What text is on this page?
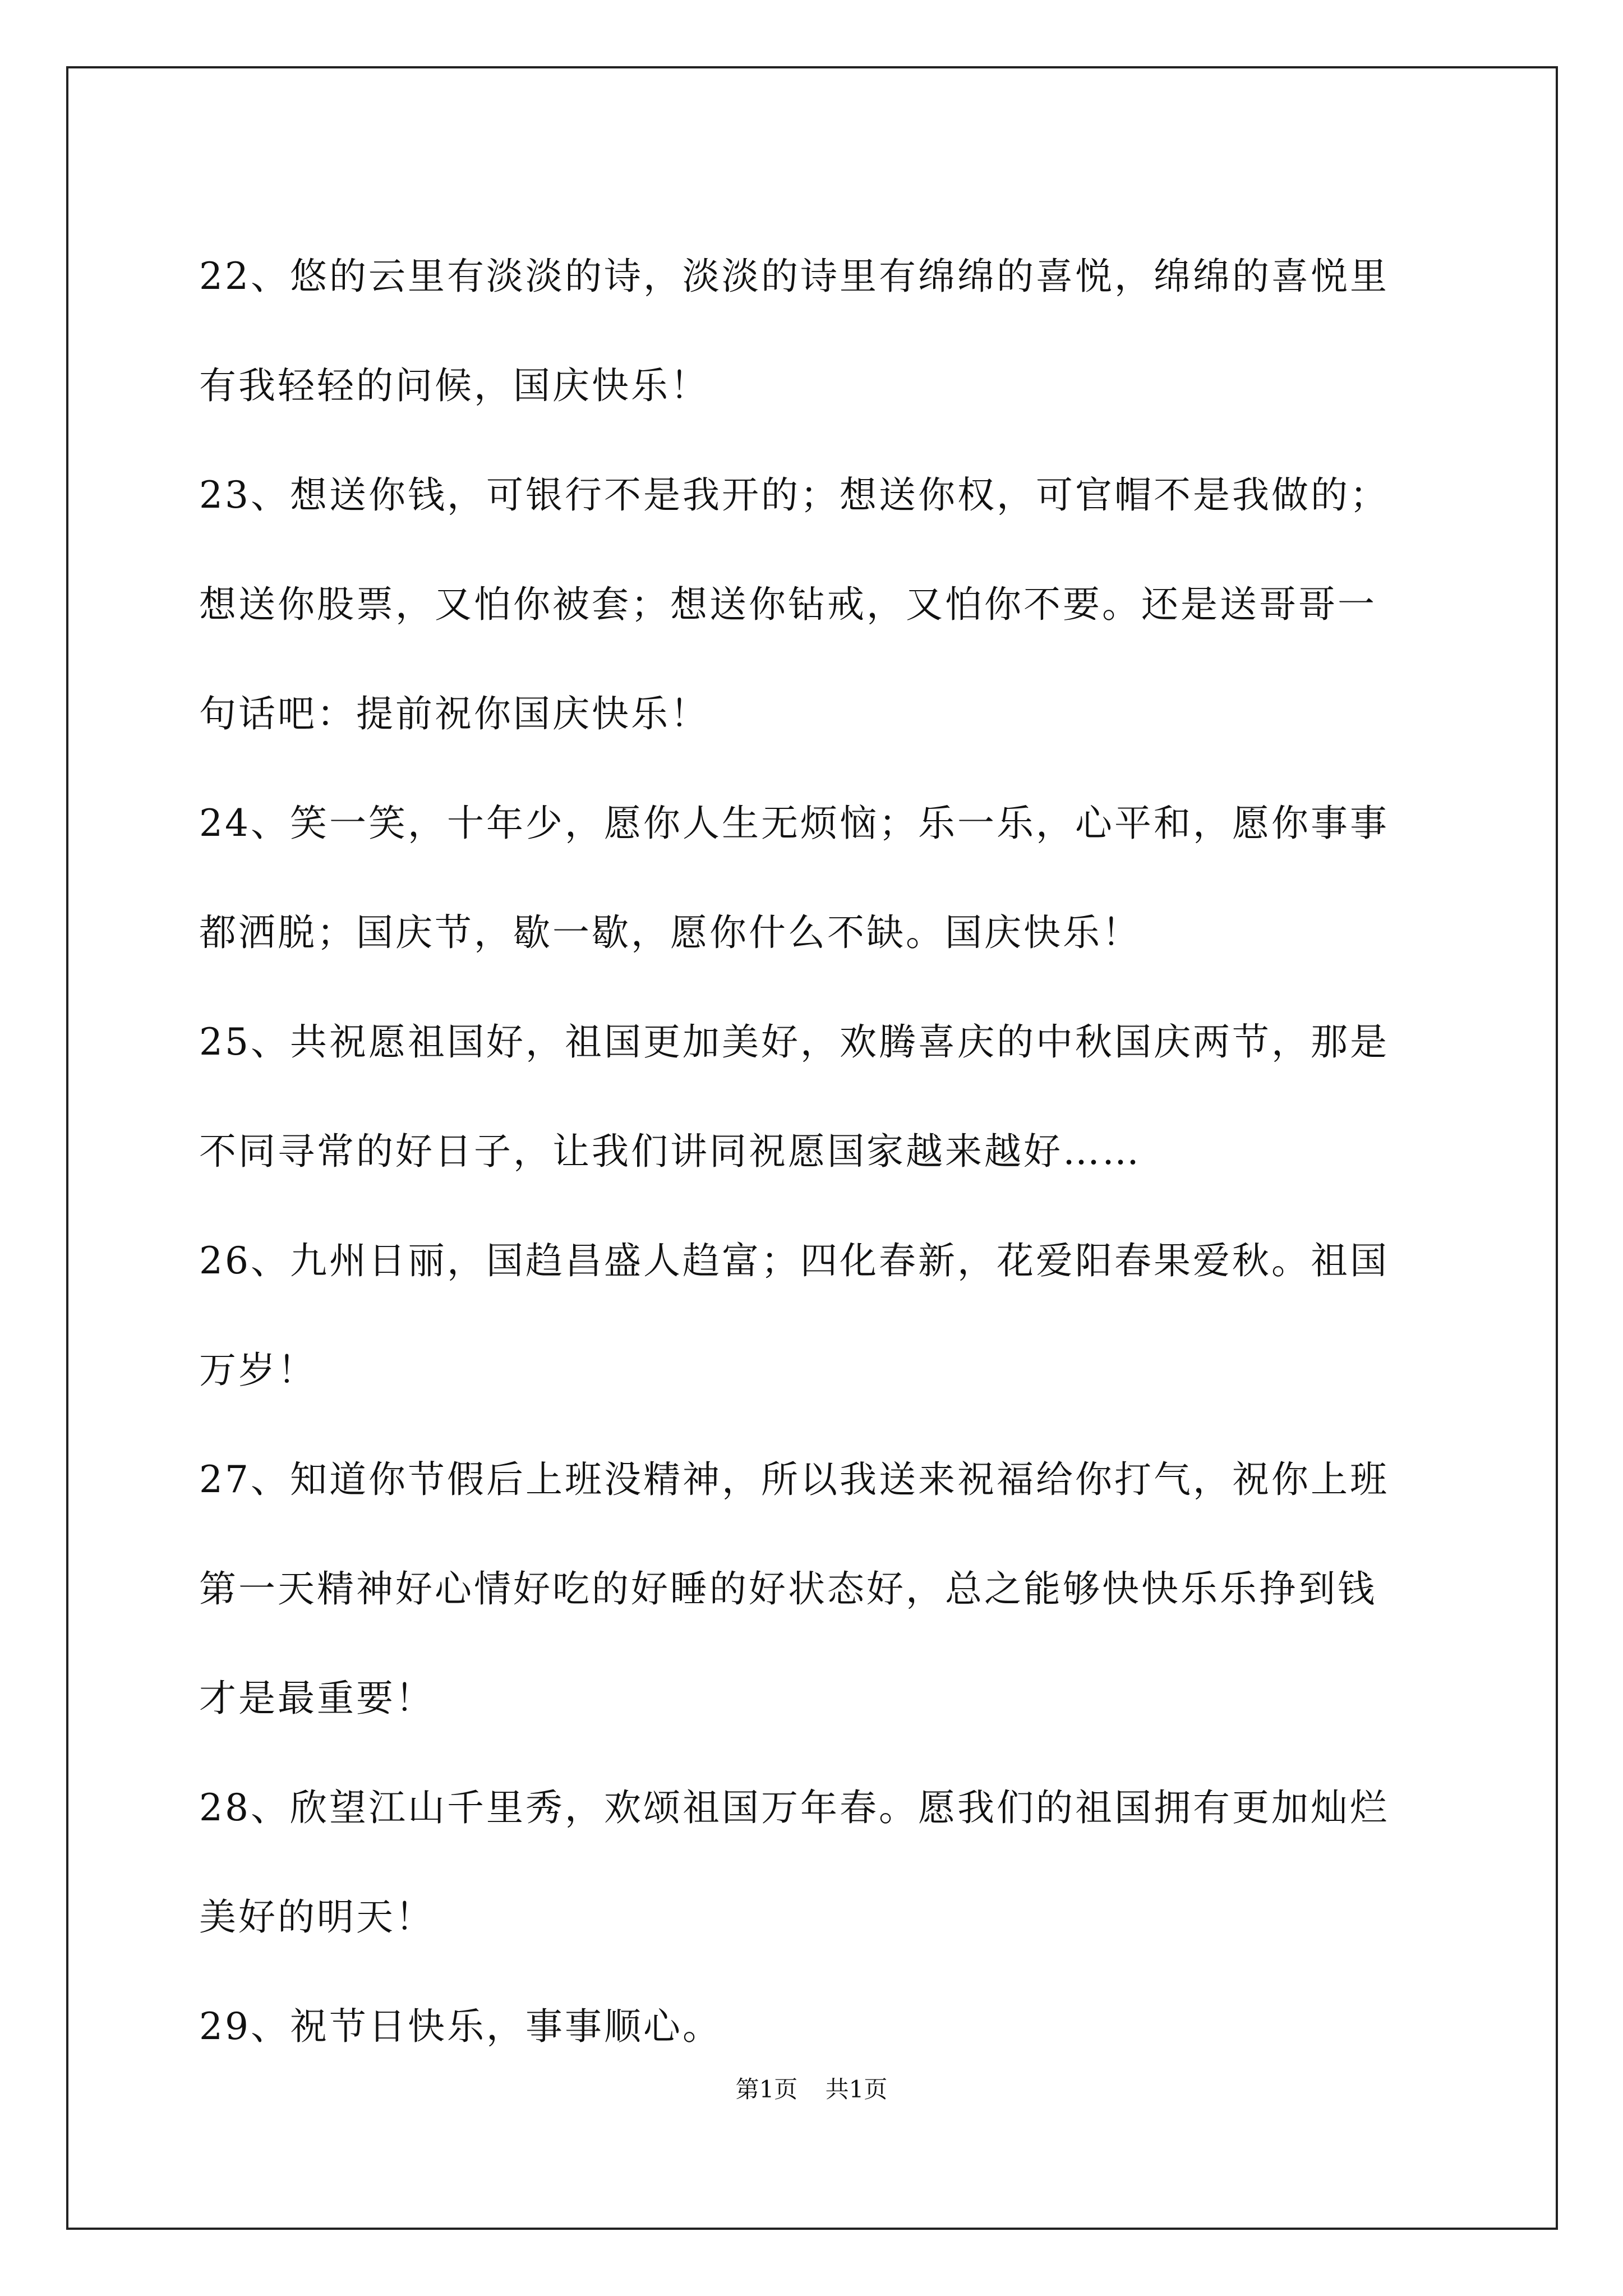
22、悠的云里有淡淡的诗，淡淡的诗里有绵绵的喜悦，绵绵的喜悦里
有我轻轻的问候，国庆快乐！
23、想送你钱，可银行不是我开的；想送你权，可官帽不是我做的；
想送你股票，又怕你被套；想送你钻戒，又怕你不要。还是送哥哥一
句话吧：提前祝你国庆快乐！
24、笑一笑，十年少，愿你人生无烦恼；乐一乐，心平和，愿你事事
都洒脱；国庆节，歇一歇，愿你什么不缺。国庆快乐！
25、共祝愿祖国好，祖国更加美好，欢腾喜庆的中秋国庆两节，那是
不同寻常的好日子，让我们讲同祝愿国家越来越好……
26、九州日丽，国趋昌盛人趋富；四化春新，花爱阳春果爱秋。祖国
万岁！
27、知道你节假后上班没精神，所以我送来祝福给你打气，祝你上班
第一天精神好心情好吃的好睡的好状态好，总之能够快快乐乐挣到钱
才是最重要！
28、欣望江山千里秀，欢颂祖国万年春。愿我们的祖国拥有更加灿烂
美好的明天！
29、祝节日快乐，事事顺心。
第1页 共1页
